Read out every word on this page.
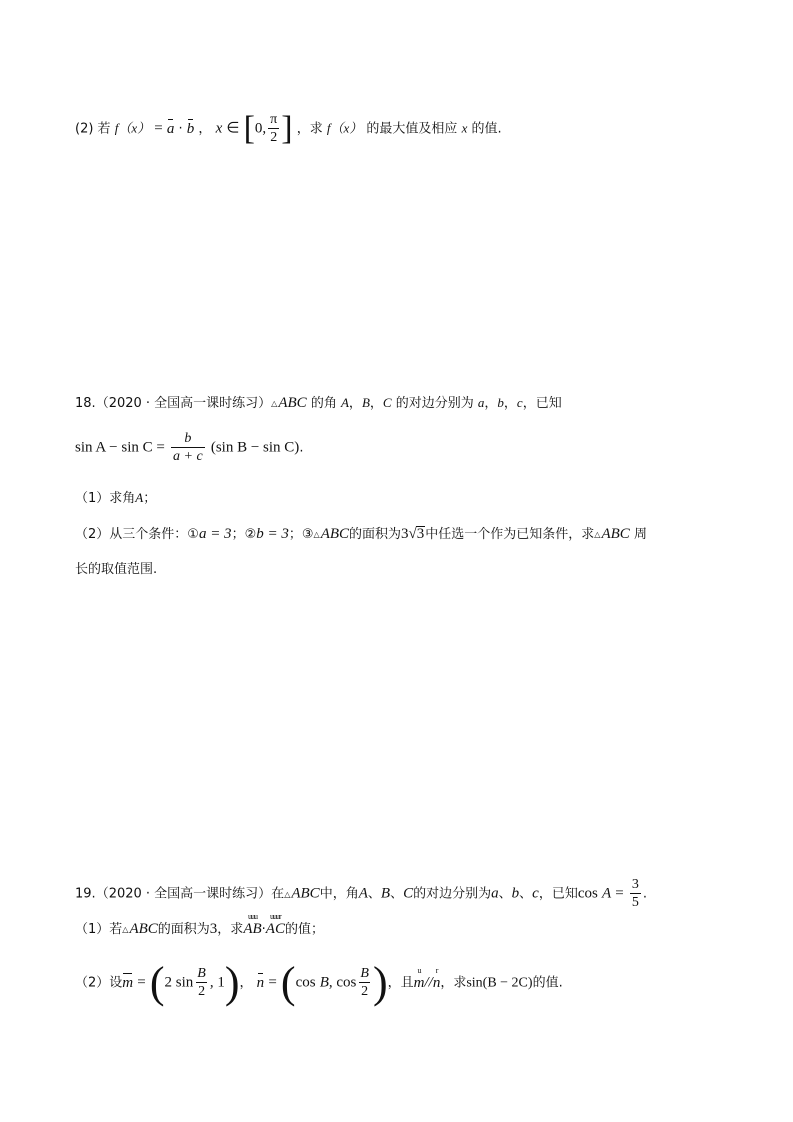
(2) 若 f（x） = a · b ， x ∈ [0, $\frac{\pi}{2}$ ] ，求 f（x） 的最大值及相应 x 的值.
18.（2020 · 全国高一课时练习）△ABC 的角 A，B，C 的对边分别为 a，b，c，已知
$\sin A - \sin C = \frac{b}{a + c} (\sin$ B − sin C).
（1）求角A；
（2）从三个条件：①a = 3；②b = 3；③△ABC的面积为3√3中任选一个作为已知条件，求△ABC 周
长的取值范围.
19.（2020 · 全国高一课时练习）在△ABC中，角A、B、C的对边分别为a、b、c，已知$\cos A = \frac{3}{5}$ .
（1）若△ABC的面积为3，求
uuu
AB·
uuur
AC的值；
（2）设
m = (2 $\sin \frac{B}{2}$ , 1)， n = (cos B, $\cos \frac{B}{2}$ )，且
u
m//
r
n，求sin(B − 2C)的值.
